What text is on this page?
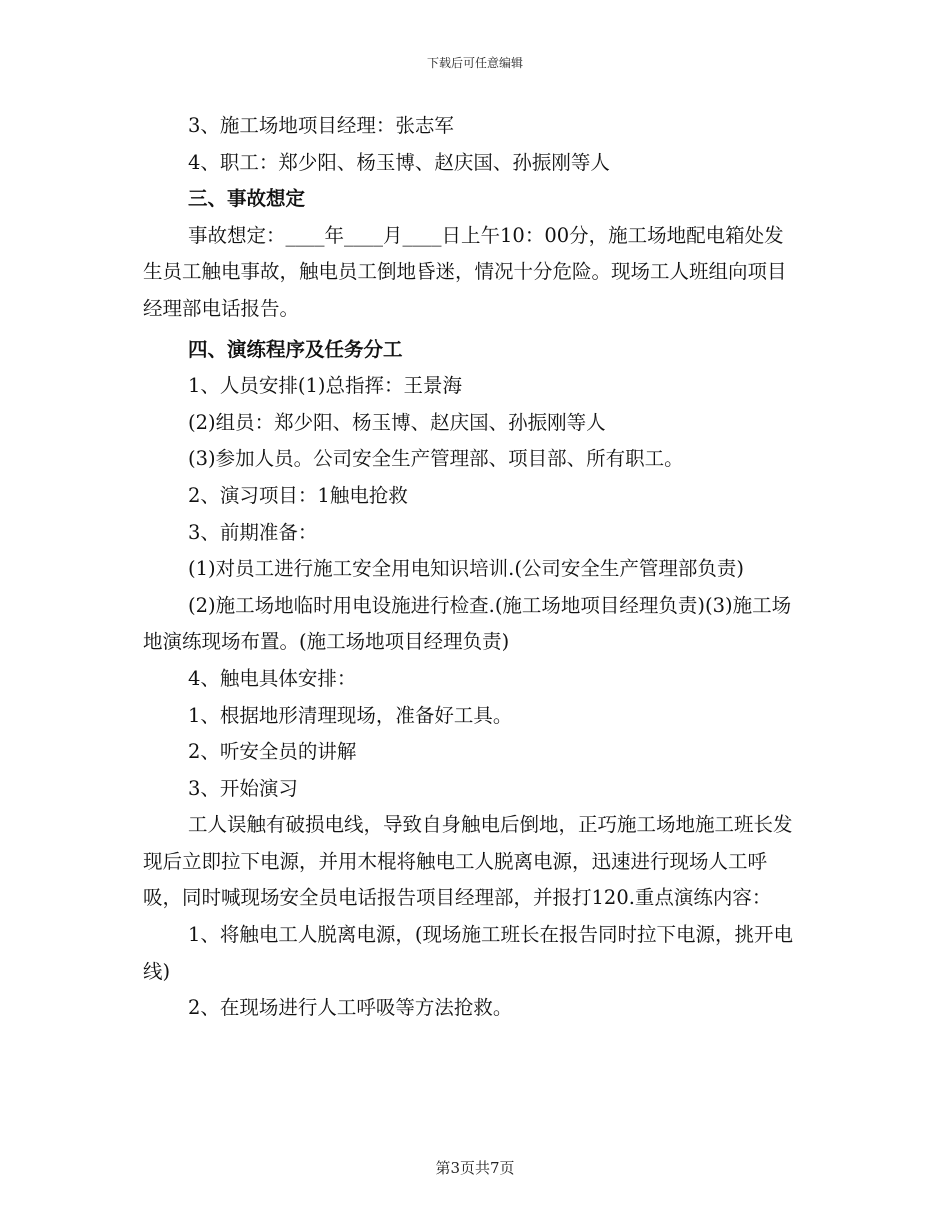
下载后可任意编辑

3、施工场地项目经理：张志军

4、职工：郑少阳、杨玉博、赵庆国、孙振刚等人

三、事故想定

事故想定：____年____月____日上午10：00分，施工场地配电箱处发生员工触电事故，触电员工倒地昏迷，情况十分危险。现场工人班组向项目经理部电话报告。

四、演练程序及任务分工

1、人员安排(1)总指挥：王景海

(2)组员：郑少阳、杨玉博、赵庆国、孙振刚等人

(3)参加人员。公司安全生产管理部、项目部、所有职工。

2、演习项目：1触电抢救

3、前期准备：

(1)对员工进行施工安全用电知识培训.(公司安全生产管理部负责)

(2)施工场地临时用电设施进行检查.(施工场地项目经理负责)(3)施工场地演练现场布置。(施工场地项目经理负责)

4、触电具体安排：

1、根据地形清理现场，准备好工具。

2、听安全员的讲解

3、开始演习

工人误触有破损电线，导致自身触电后倒地，正巧施工场地施工班长发现后立即拉下电源，并用木棍将触电工人脱离电源，迅速进行现场人工呼吸，同时喊现场安全员电话报告项目经理部，并报打120.重点演练内容：

1、将触电工人脱离电源，(现场施工班长在报告同时拉下电源，挑开电线)

2、在现场进行人工呼吸等方法抢救。

第3页共7页
